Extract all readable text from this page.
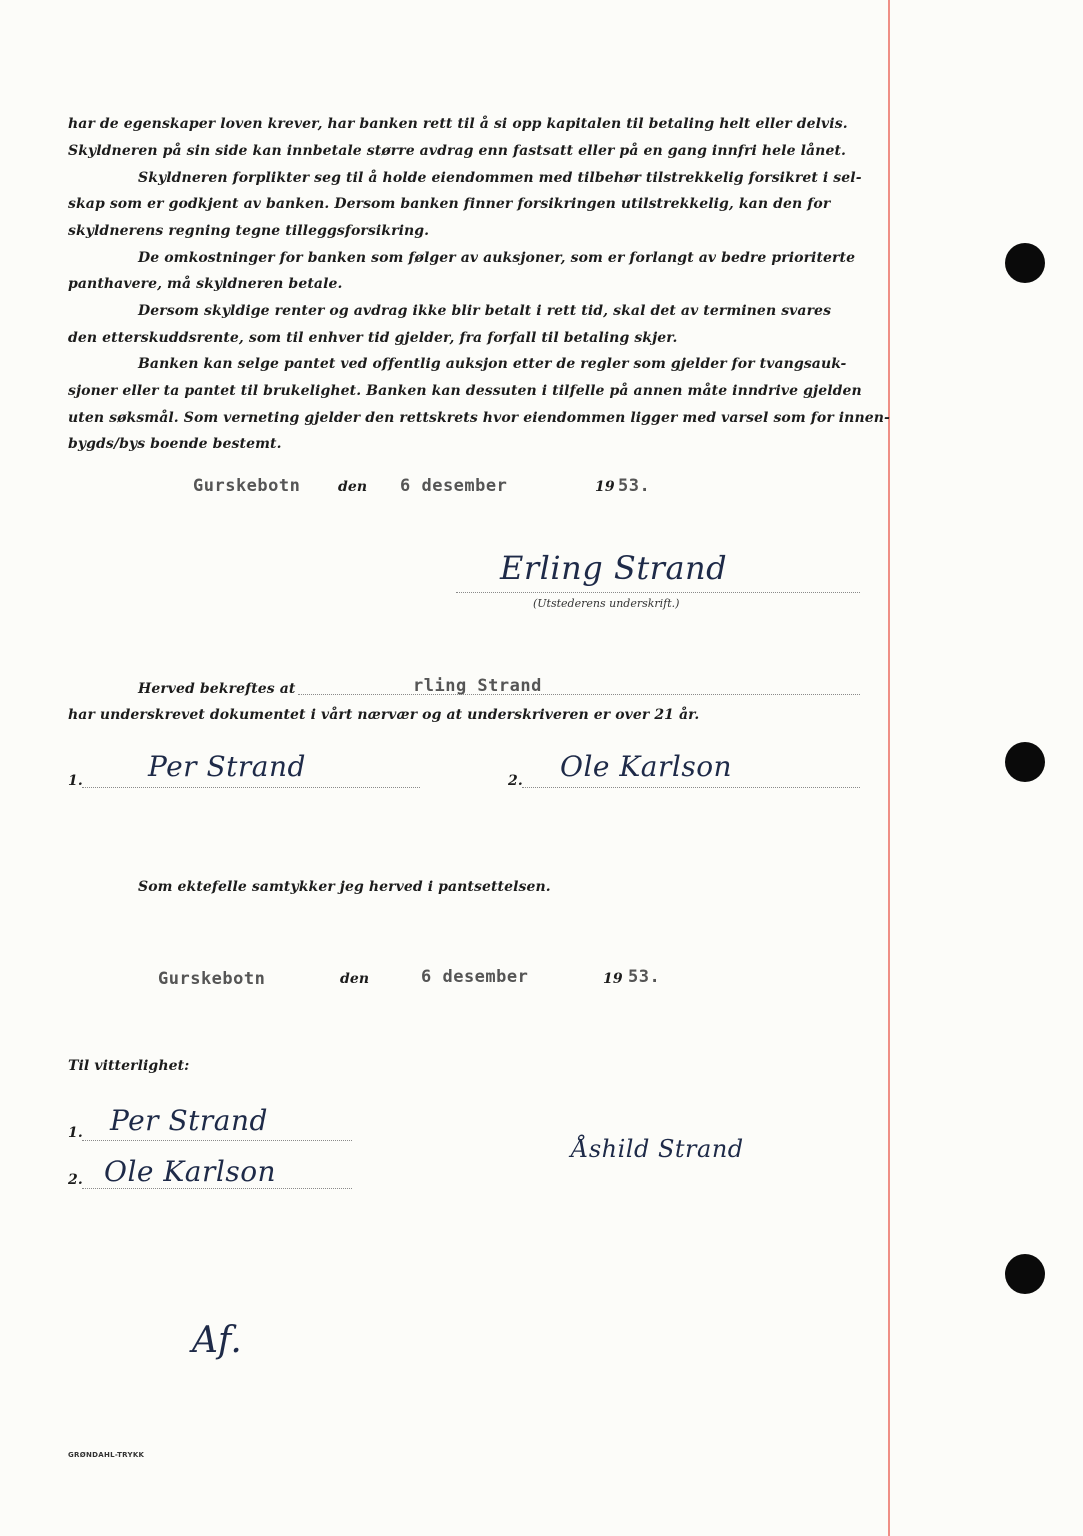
har de egenskaper loven krever, har banken rett til å si opp kapitalen til betaling helt eller delvis.
Skyldneren på sin side kan innbetale større avdrag enn fastsatt eller på en gang innfri hele lånet.
Skyldneren forplikter seg til å holde eiendommen med tilbehør tilstrekkelig forsikret i sel-
skap som er godkjent av banken. Dersom banken finner forsikringen utilstrekkelig, kan den for
skyldnerens regning tegne tilleggsforsikring.
De omkostninger for banken som følger av auksjoner, som er forlangt av bedre prioriterte
panthavere, må skyldneren betale.
Dersom skyldige renter og avdrag ikke blir betalt i rett tid, skal det av terminen svares
den etterskuddsrente, som til enhver tid gjelder, fra forfall til betaling skjer.
Banken kan selge pantet ved offentlig auksjon etter de regler som gjelder for tvangsauk-
sjoner eller ta pantet til brukelighet. Banken kan dessuten i tilfelle på annen måte inndrive gjelden
uten søksmål. Som verneting gjelder den rettskrets hvor eiendommen ligger med varsel som for innen-
bygds/bys boende bestemt.
Gurskebotn	den 6 desember	19 53.
Erling Strand
(Utstederens underskrift.)
Herved bekreftes at	rling Strand
har underskrevet dokumentet i vårt nærvær og at underskriveren er over 21 år.
1. Per Strand	2. Ole Karlson
Som ektefelle samtykker jeg herved i pantsettelsen.
Gurskebotn	den	6 desember	19 53.
Til vitterlighet:
1. Per Strand
2. Ole Karlson
Åshild Strand
Af.
GRØNDAHL-TRYKK
